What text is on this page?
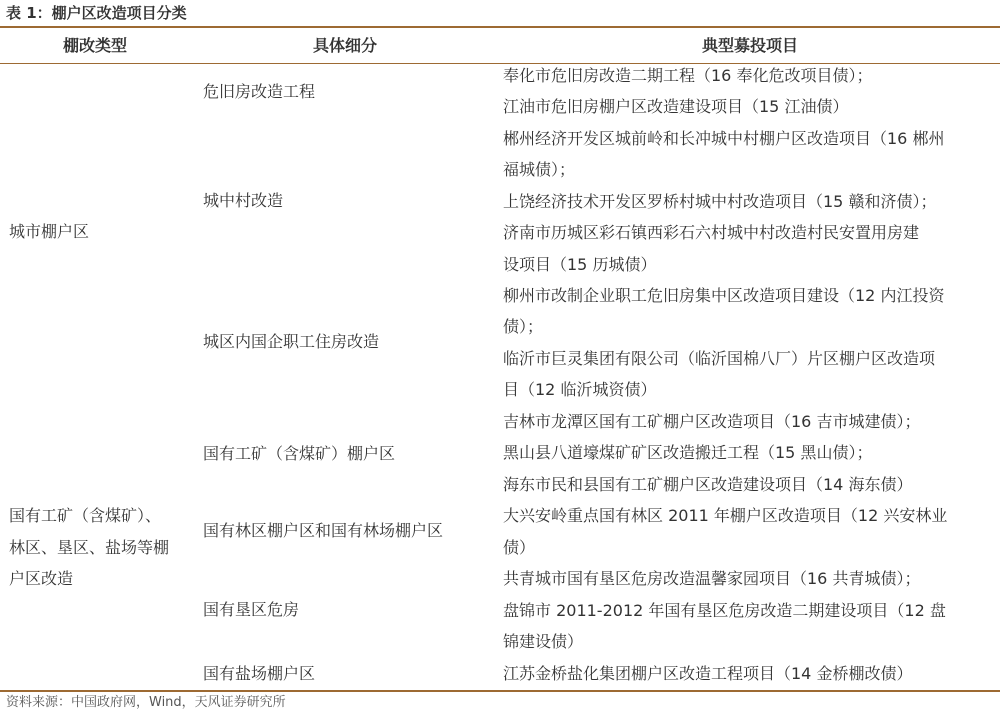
表 1：棚户区改造项目分类
棚改类型	具体细分	典型募投项目
城市棚户区
国有工矿（含煤矿）、
林区、垦区、盐场等棚
户区改造
危旧房改造工程
城中村改造
城区内国企职工住房改造
国有工矿（含煤矿）棚户区
国有林区棚户区和国有林场棚户区
国有垦区危房
国有盐场棚户区
奉化市危旧房改造二期工程（16 奉化危改项目债）；
江油市危旧房棚户区改造建设项目（15 江油债）
郴州经济开发区城前岭和长冲城中村棚户区改造项目（16 郴州
福城债）；
上饶经济技术开发区罗桥村城中村改造项目（15 赣和济债）；
济南市历城区彩石镇西彩石六村城中村改造村民安置用房建
设项目（15 历城债）
柳州市改制企业职工危旧房集中区改造项目建设（12 内江投资
债）；
临沂市巨灵集团有限公司（临沂国棉八厂）片区棚户区改造项
目（12 临沂城资债）
吉林市龙潭区国有工矿棚户区改造项目（16 吉市城建债）；
黑山县八道壕煤矿矿区改造搬迁工程（15 黑山债）；
海东市民和县国有工矿棚户区改造建设项目（14 海东债）
大兴安岭重点国有林区 2011 年棚户区改造项目（12 兴安林业
债）
共青城市国有垦区危房改造温馨家园项目（16 共青城债）；
盘锦市 2011-2012 年国有垦区危房改造二期建设项目（12 盘
锦建设债）
江苏金桥盐化集团棚户区改造工程项目（14 金桥棚改债）
资料来源：中国政府网，Wind，天风证券研究所
